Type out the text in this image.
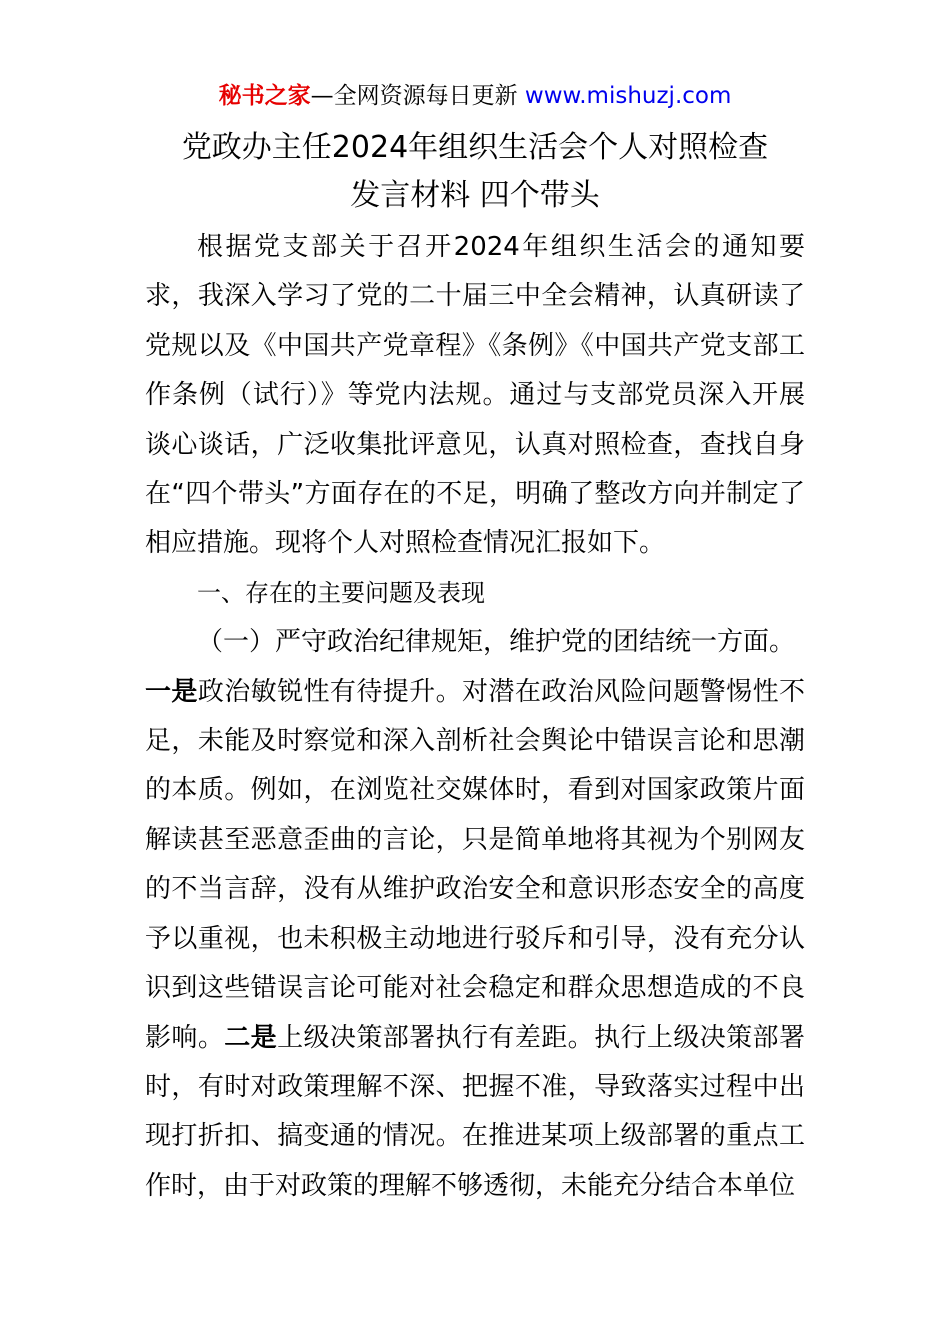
秘书之家—全网资源每日更新 www.mishuzj.com
党政办主任2024年组织生活会个人对照检查
发言材料 四个带头

根据党支部关于召开2024年组织生活会的通知要求，我深入学习了党的二十届三中全会精神，认真研读了党规以及《中国共产党章程》《条例》《中国共产党支部工作条例（试行）》等党内法规。通过与支部党员深入开展谈心谈话，广泛收集批评意见，认真对照检查，查找自身在“四个带头”方面存在的不足，明确了整改方向并制定了相应措施。现将个人对照检查情况汇报如下。

一、存在的主要问题及表现

（一）严守政治纪律规矩，维护党的团结统一方面。

一是政治敏锐性有待提升。对潜在政治风险问题警惕性不足，未能及时察觉和深入剖析社会舆论中错误言论和思潮的本质。例如，在浏览社交媒体时，看到对国家政策片面解读甚至恶意歪曲的言论，只是简单地将其视为个别网友的不当言辞，没有从维护政治安全和意识形态安全的高度予以重视，也未积极主动地进行驳斥和引导，没有充分认识到这些错误言论可能对社会稳定和群众思想造成的不良影响。二是上级决策部署执行有差距。执行上级决策部署时，有时对政策理解不深、把握不准，导致落实过程中出现打折扣、搞变通的情况。在推进某项上级部署的重点工作时，由于对政策的理解不够透彻，未能充分结合本单位
